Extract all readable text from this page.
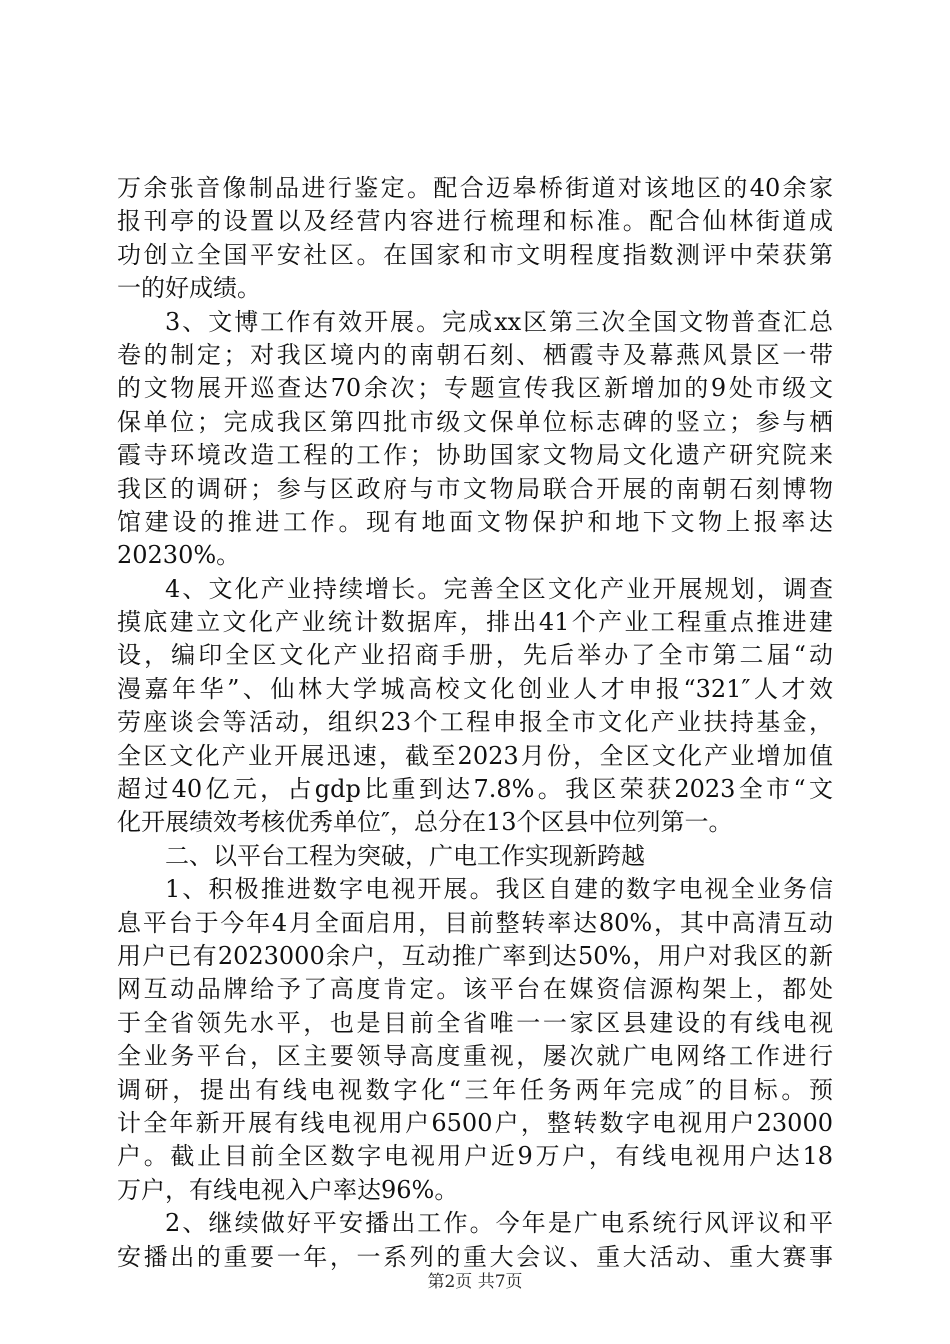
万余张音像制品进行鉴定。配合迈皋桥街道对该地区的40余家
报刊亭的设置以及经营内容进行梳理和标准。配合仙林街道成
功创立全国平安社区。在国家和市文明程度指数测评中荣获第
一的好成绩。
3、文博工作有效开展。完成xx区第三次全国文物普查汇总
卷的制定；对我区境内的南朝石刻、栖霞寺及幕燕风景区一带
的文物展开巡查达70余次；专题宣传我区新增加的9处市级文
保单位；完成我区第四批市级文保单位标志碑的竖立；参与栖
霞寺环境改造工程的工作；协助国家文物局文化遗产研究院来
我区的调研；参与区政府与市文物局联合开展的南朝石刻博物
馆建设的推进工作。现有地面文物保护和地下文物上报率达
20230%。
4、文化产业持续增长。完善全区文化产业开展规划，调查
摸底建立文化产业统计数据库，排出41个产业工程重点推进建
设，编印全区文化产业招商手册，先后举办了全市第二届“动
漫嘉年华”、仙林大学城高校文化创业人才申报“321″人才效
劳座谈会等活动，组织23个工程申报全市文化产业扶持基金，
全区文化产业开展迅速，截至2023月份，全区文化产业增加值
超过40亿元，占gdp比重到达7.8%。我区荣获2023全市“文
化开展绩效考核优秀单位″，总分在13个区县中位列第一。
二、以平台工程为突破，广电工作实现新跨越
1、积极推进数字电视开展。我区自建的数字电视全业务信
息平台于今年4月全面启用，目前整转率达80%，其中高清互动
用户已有2023000余户，互动推广率到达50%，用户对我区的新
网互动品牌给予了高度肯定。该平台在媒资信源构架上，都处
于全省领先水平，也是目前全省唯一一家区县建设的有线电视
全业务平台，区主要领导高度重视，屡次就广电网络工作进行
调研，提出有线电视数字化“三年任务两年完成″的目标。预
计全年新开展有线电视用户6500户，整转数字电视用户23000
户。截止目前全区数字电视用户近9万户，有线电视用户达18
万户，有线电视入户率达96%。
2、继续做好平安播出工作。今年是广电系统行风评议和平
安播出的重要一年，一系列的重大会议、重大活动、重大赛事
第2页 共7页
